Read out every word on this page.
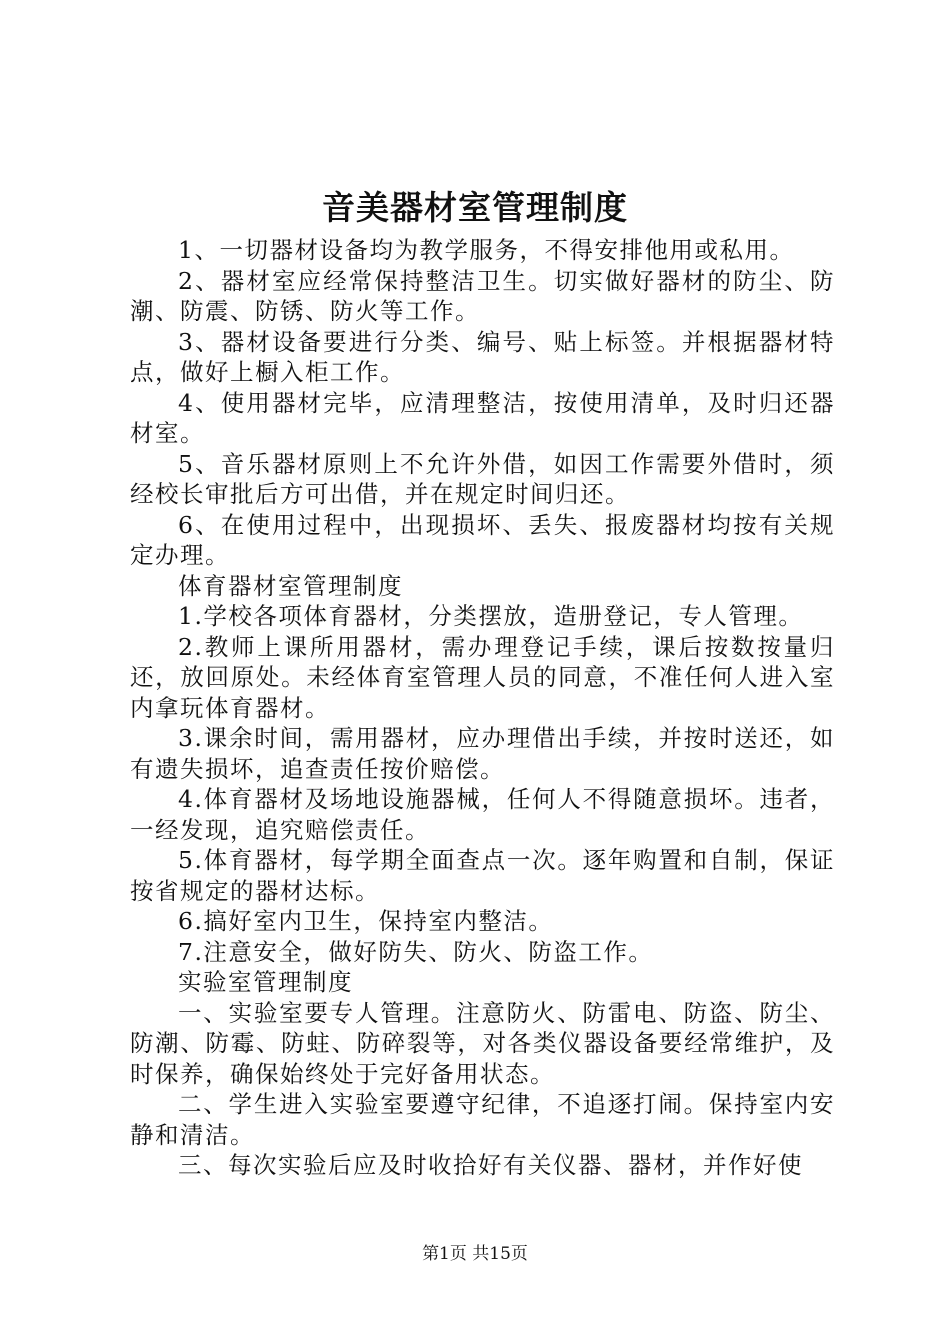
音美器材室管理制度

1、一切器材设备均为教学服务，不得安排他用或私用。

2、器材室应经常保持整洁卫生。切实做好器材的防尘、防潮、防震、防锈、防火等工作。

3、器材设备要进行分类、编号、贴上标签。并根据器材特点，做好上橱入柜工作。

4、使用器材完毕，应清理整洁，按使用清单，及时归还器材室。

5、音乐器材原则上不允许外借，如因工作需要外借时，须经校长审批后方可出借，并在规定时间归还。

6、在使用过程中，出现损坏、丢失、报废器材均按有关规定办理。

体育器材室管理制度

1.学校各项体育器材，分类摆放，造册登记，专人管理。

2.教师上课所用器材，需办理登记手续，课后按数按量归还，放回原处。未经体育室管理人员的同意，不准任何人进入室内拿玩体育器材。

3.课余时间，需用器材，应办理借出手续，并按时送还，如有遗失损坏，追查责任按价赔偿。

4.体育器材及场地设施器械，任何人不得随意损坏。违者，一经发现，追究赔偿责任。

5.体育器材，每学期全面查点一次。逐年购置和自制，保证按省规定的器材达标。

6.搞好室内卫生，保持室内整洁。

7.注意安全，做好防失、防火、防盗工作。

实验室管理制度

一、实验室要专人管理。注意防火、防雷电、防盗、防尘、防潮、防霉、防蛀、防碎裂等，对各类仪器设备要经常维护，及时保养，确保始终处于完好备用状态。

二、学生进入实验室要遵守纪律，不追逐打闹。保持室内安静和清洁。

三、每次实验后应及时收拾好有关仪器、器材，并作好使

第1页 共15页
